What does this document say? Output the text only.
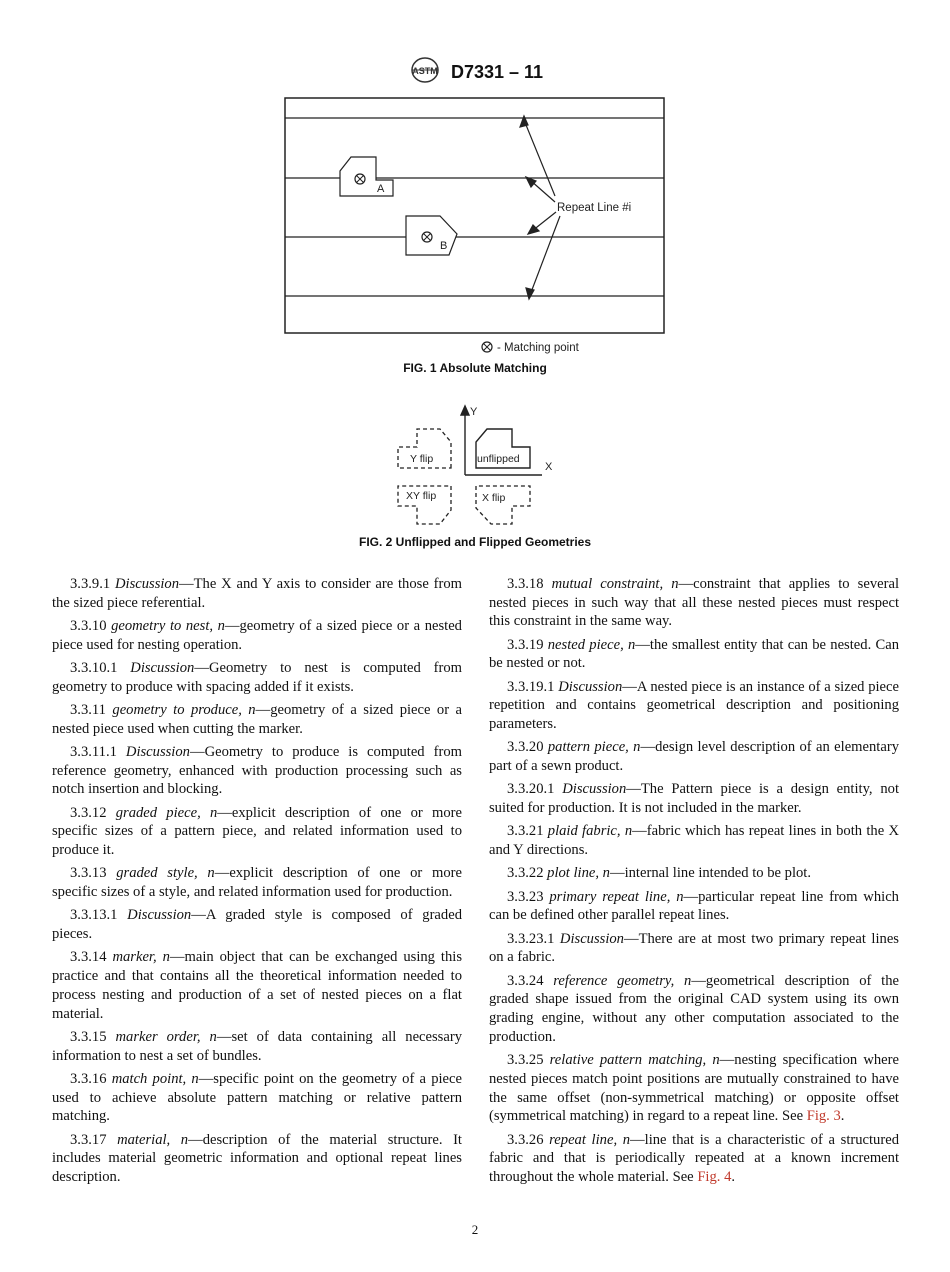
ASTM D7331 – 11
A
B
Repeat Line #i
- Matching point
FIG. 1 Absolute Matching
Y
X
unflipped
Y flip
XY flip	X flip
FIG. 2 Unflipped and Flipped Geometries

3.3.9.1 Discussion—The X and Y axis to consider are those from the sized piece referential.

3.3.10 geometry to nest, n—geometry of a sized piece or a nested piece used for nesting operation.

3.3.10.1 Discussion—Geometry to nest is computed from geometry to produce with spacing added if it exists.

3.3.11 geometry to produce, n—geometry of a sized piece or a nested piece used when cutting the marker.

3.3.11.1 Discussion—Geometry to produce is computed from reference geometry, enhanced with production processing such as notch insertion and blocking.

3.3.12 graded piece, n—explicit description of one or more specific sizes of a pattern piece, and related information used to produce it.

3.3.13 graded style, n—explicit description of one or more specific sizes of a style, and related information used for production.

3.3.13.1 Discussion—A graded style is composed of graded pieces.

3.3.14 marker, n—main object that can be exchanged using this practice and that contains all the theoretical information needed to process nesting and production of a set of nested pieces on a flat material.

3.3.15 marker order, n—set of data containing all necessary information to nest a set of bundles.

3.3.16 match point, n—specific point on the geometry of a piece used to achieve absolute pattern matching or relative pattern matching.

3.3.17 material, n—description of the material structure. It includes material geometric information and optional repeat lines description.

3.3.18 mutual constraint, n—constraint that applies to several nested pieces in such way that all these nested pieces must respect this constraint in the same way.

3.3.19 nested piece, n—the smallest entity that can be nested. Can be nested or not.

3.3.19.1 Discussion—A nested piece is an instance of a sized piece repetition and contains geometrical description and positioning parameters.

3.3.20 pattern piece, n—design level description of an elementary part of a sewn product.

3.3.20.1 Discussion—The Pattern piece is a design entity, not suited for production. It is not included in the marker.

3.3.21 plaid fabric, n—fabric which has repeat lines in both the X and Y directions.

3.3.22 plot line, n—internal line intended to be plot.

3.3.23 primary repeat line, n—particular repeat line from which can be defined other parallel repeat lines.

3.3.23.1 Discussion—There are at most two primary repeat lines on a fabric.

3.3.24 reference geometry, n—geometrical description of the graded shape issued from the original CAD system using its own grading engine, without any other computation associated to the production.

3.3.25 relative pattern matching, n—nesting specification where nested pieces match point positions are mutually constrained to have the same offset (non-symmetrical matching) or opposite offset (symmetrical matching) in regard to a repeat line. See Fig. 3.

3.3.26 repeat line, n—line that is a characteristic of a structured fabric and that is periodically repeated at a known increment throughout the whole material. See Fig. 4.

2
